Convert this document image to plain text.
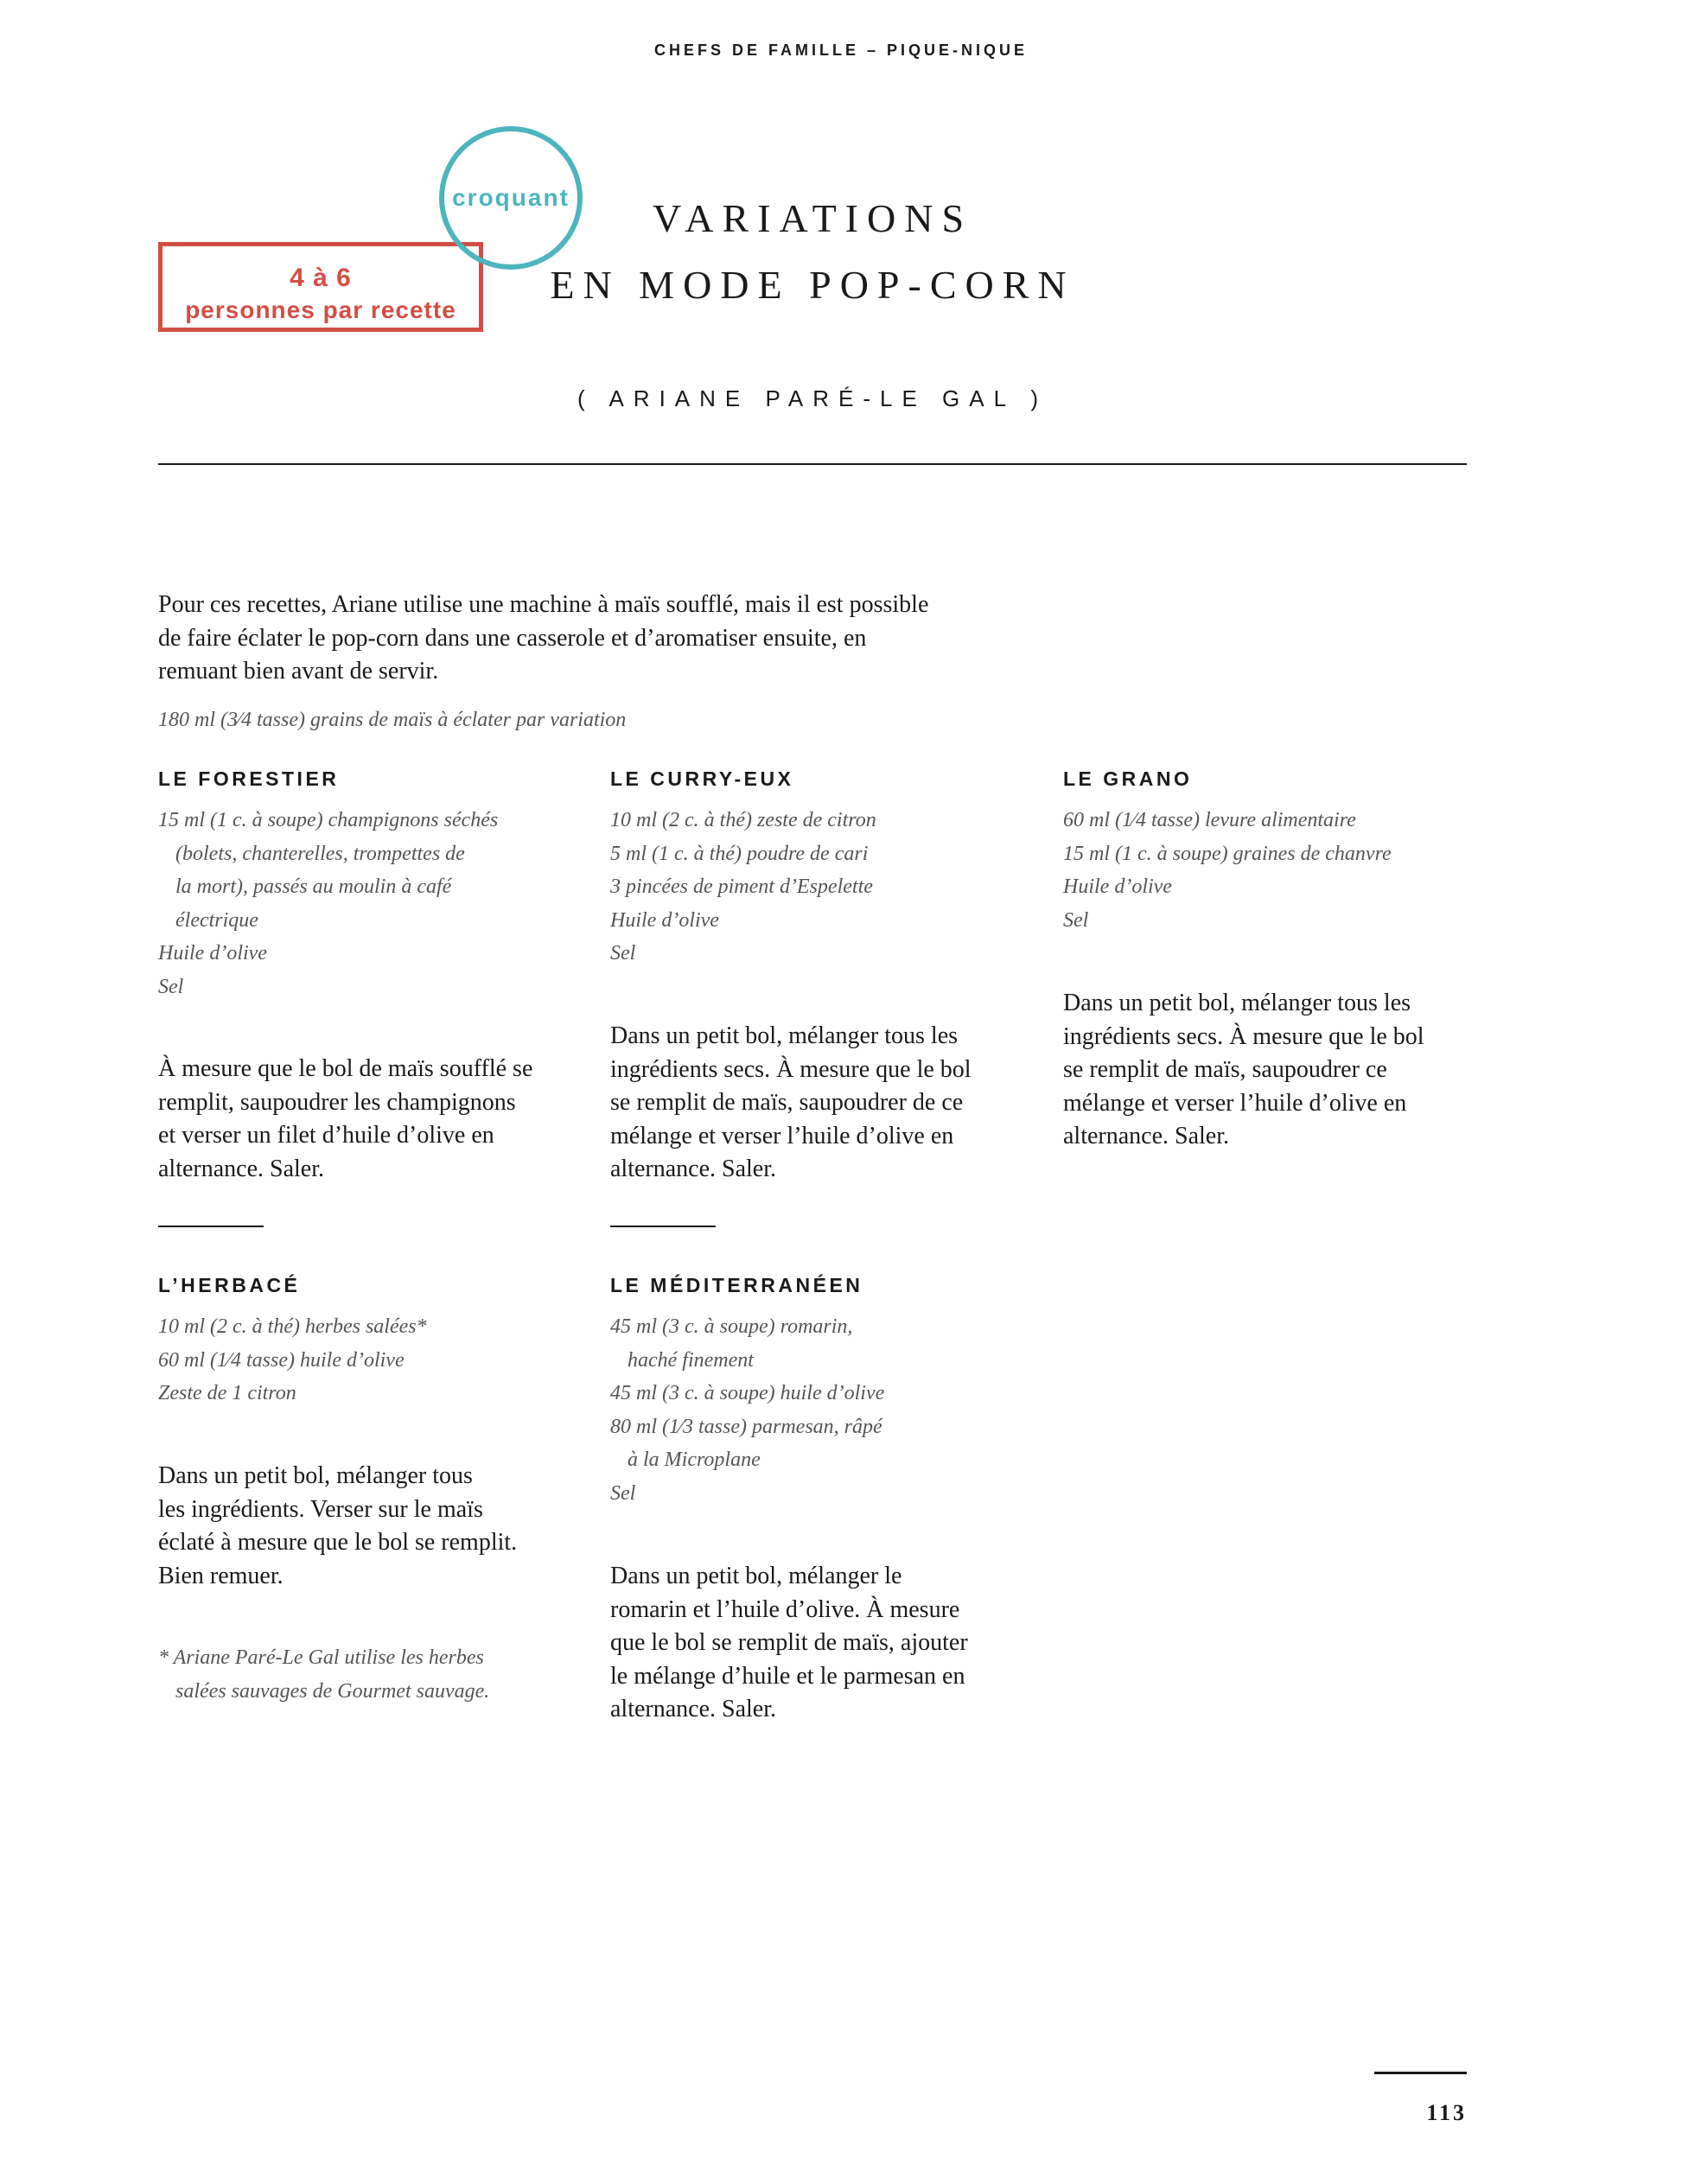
CHEFS DE FAMILLE – PIQUE-NIQUE
4 à 6
personnes par recette
croquant	VARIATIONS
EN MODE POP-CORN
( ARIANE PARÉ-LE GAL )
Pour ces recettes, Ariane utilise une machine à maïs soufflé, mais il est possible
de faire éclater le pop-corn dans une casserole et d’aromatiser ensuite, en
remuant bien avant de servir.
180 ml (3⁄4 tasse) grains de maïs à éclater par variation
LE FORESTIER
15 ml (1 c. à soupe) champignons séchés
(bolets, chanterelles, trompettes de
la mort), passés au moulin à café
électrique
Huile d’olive
Sel
À mesure que le bol de maïs soufflé se
remplit, saupoudrer les champignons
et verser un filet d’huile d’olive en
alternance. Saler.
LE CURRY-EUX
10 ml (2 c. à thé) zeste de citron
5 ml (1 c. à thé) poudre de cari
3 pincées de piment d’Espelette
Huile d’olive
Sel
Dans un petit bol, mélanger tous les
ingrédients secs. À mesure que le bol
se remplit de maïs, saupoudrer de ce
mélange et verser l’huile d’olive en
alternance. Saler.
LE GRANO
60 ml (1⁄4 tasse) levure alimentaire
15 ml (1 c. à soupe) graines de chanvre
Huile d’olive
Sel
Dans un petit bol, mélanger tous les
ingrédients secs. À mesure que le bol
se remplit de maïs, saupoudrer ce
mélange et verser l’huile d’olive en
alternance. Saler.
L’HERBACÉ
10 ml (2 c. à thé) herbes salées*
60 ml (1⁄4 tasse) huile d’olive
Zeste de 1 citron
Dans un petit bol, mélanger tous
les ingrédients. Verser sur le maïs
éclaté à mesure que le bol se remplit.
Bien remuer.
* Ariane Paré-Le Gal utilise les herbes
salées sauvages de Gourmet sauvage.
LE MÉDITERRANÉEN
45 ml (3 c. à soupe) romarin,
haché finement
45 ml (3 c. à soupe) huile d’olive
80 ml (1⁄3 tasse) parmesan, râpé
à la Microplane
Sel
Dans un petit bol, mélanger le
romarin et l’huile d’olive. À mesure
que le bol se remplit de maïs, ajouter
le mélange d’huile et le parmesan en
alternance. Saler.
113
